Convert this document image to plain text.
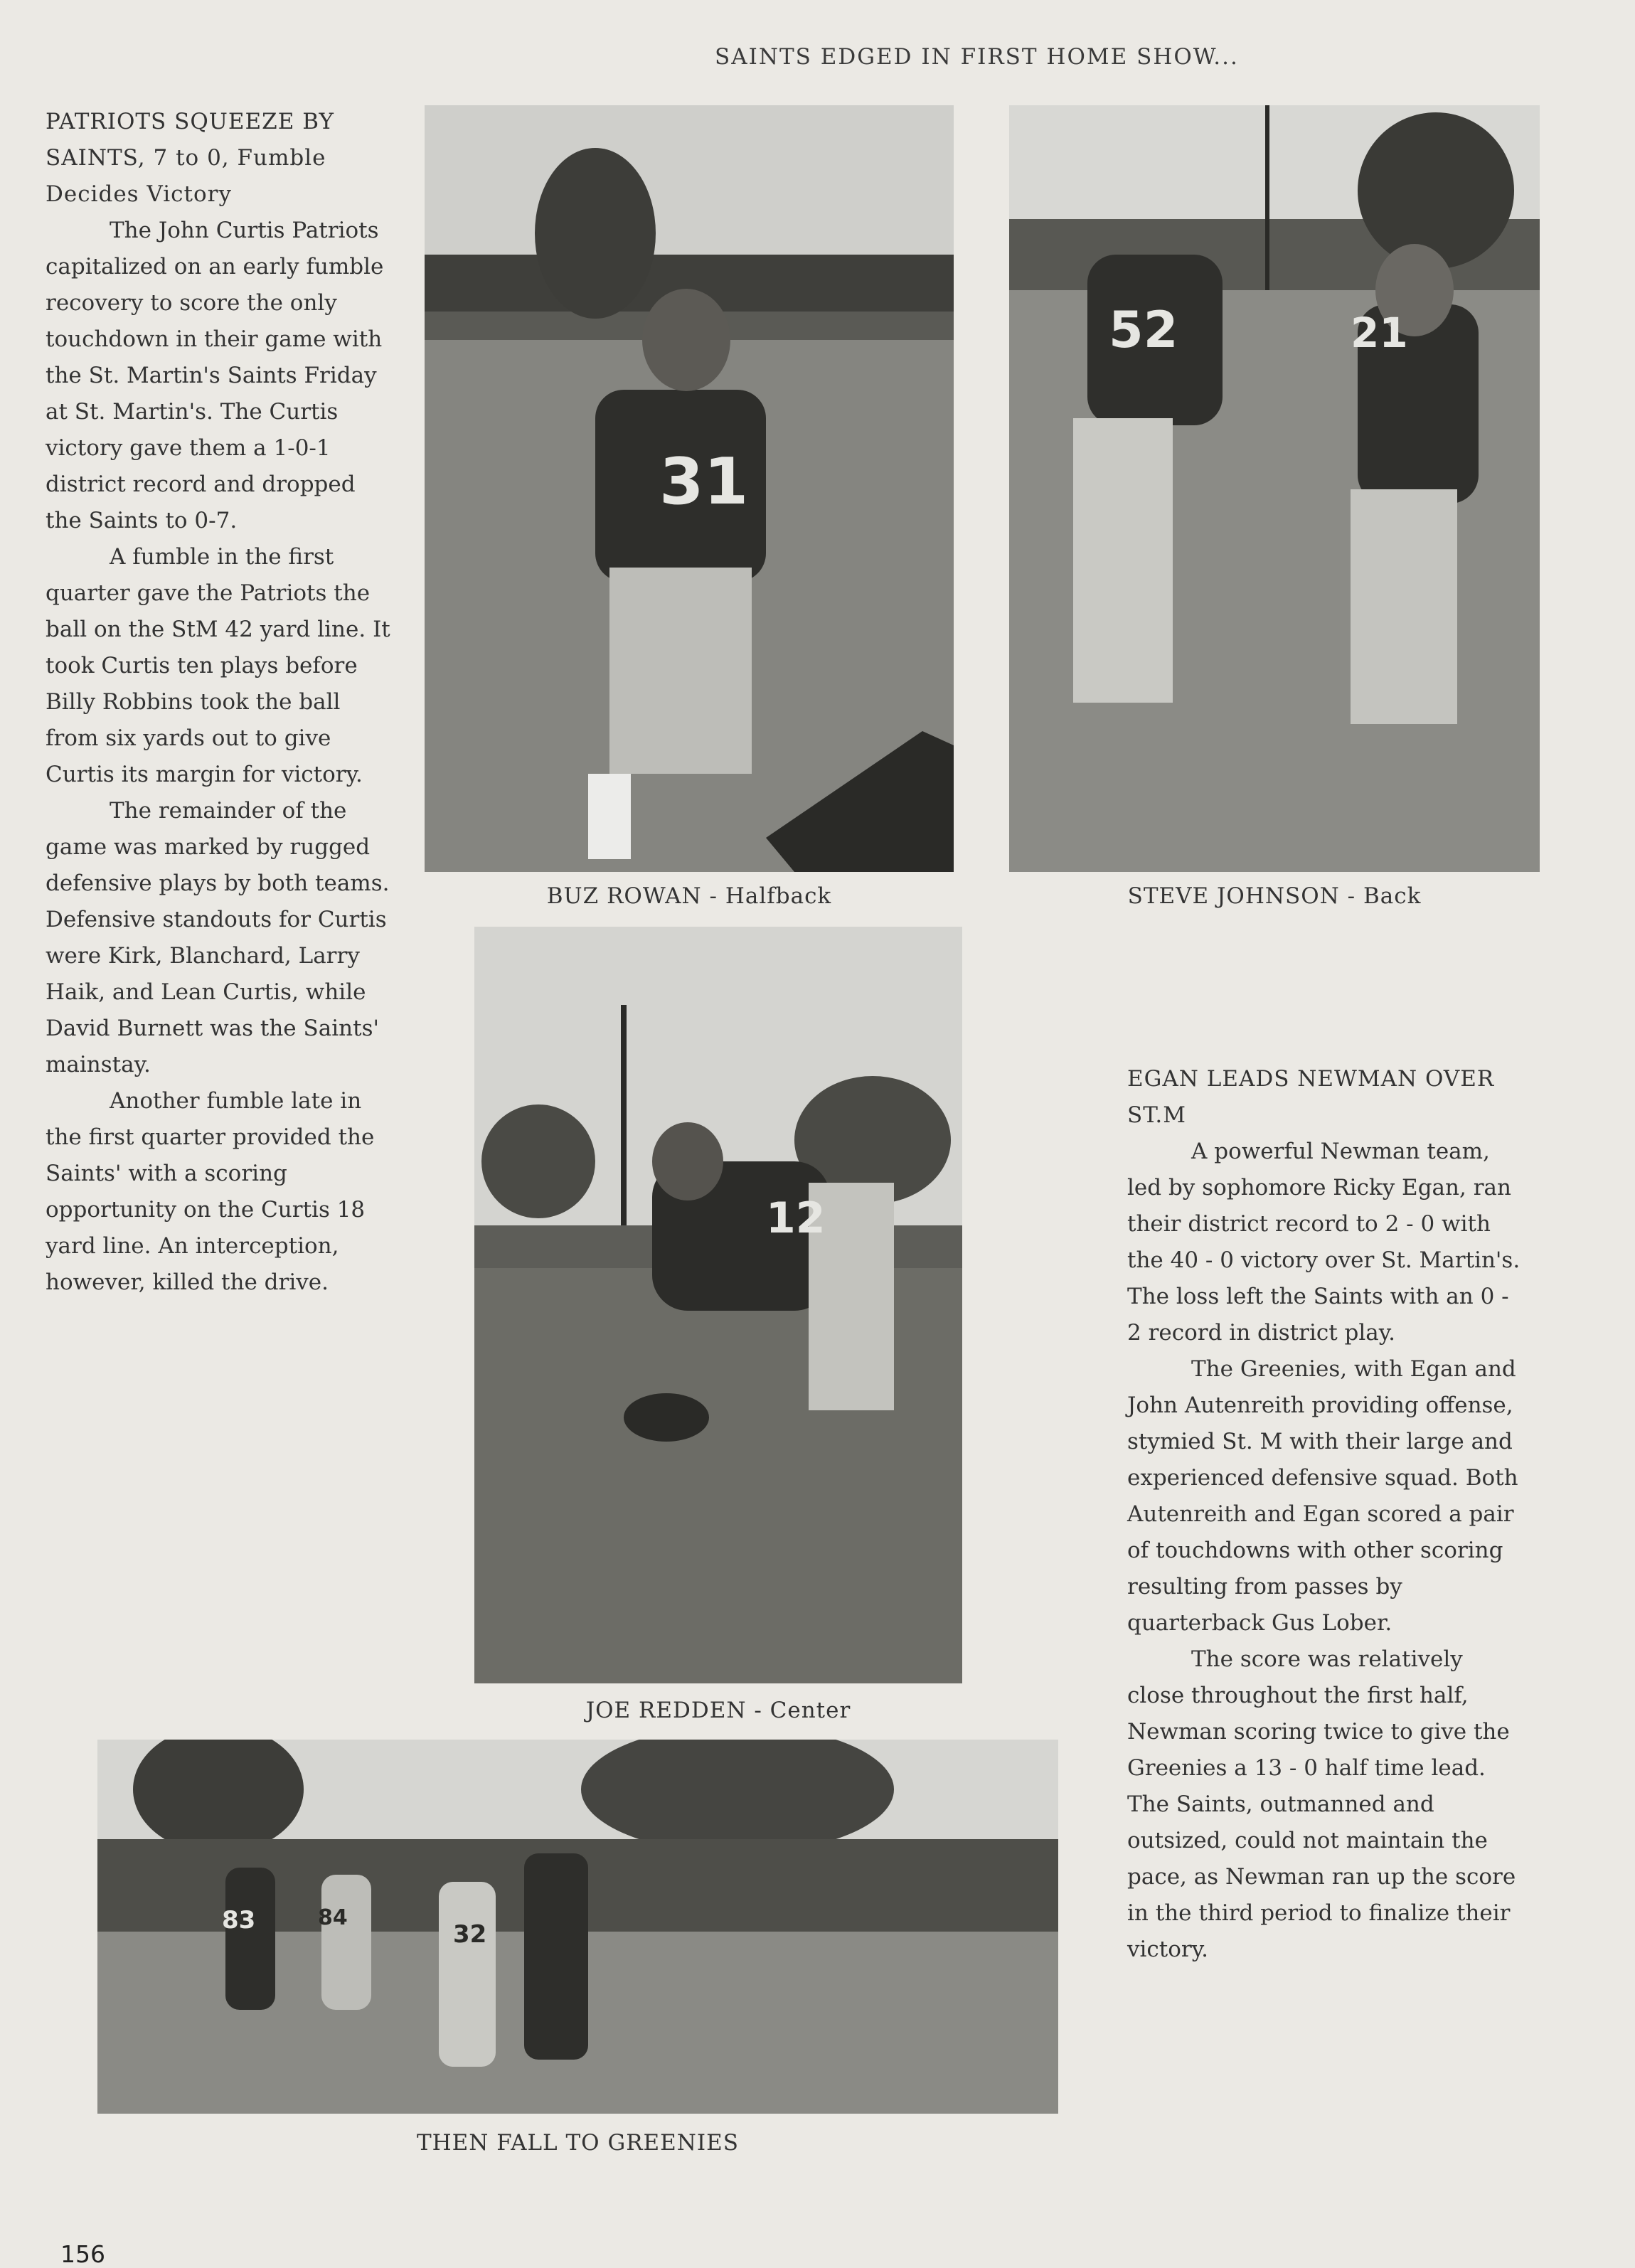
SAINTS EDGED IN FIRST HOME SHOW...

PATRIOTS SQUEEZE BY

SAINTS, 7 to 0, Fumble

Decides Victory

The John Curtis Patriots capitalized on an early fumble recovery to score the only touchdown in their game with the St. Martin's Saints Friday at St. Martin's. The Curtis victory gave them a 1-0-1 district record and dropped the Saints to 0-7.

A fumble in the first quarter gave the Patriots the ball on the StM 42 yard line. It took Curtis ten plays before Billy Robbins took the ball from six yards out to give Curtis its margin for victory.

The remainder of the game was marked by rugged defensive plays by both teams. Defensive standouts for Curtis were Kirk, Blanchard, Larry Haik, and Lean Curtis, while David Burnett was the Saints' mainstay.

Another fumble late in the first quarter provided the Saints' with a scoring opportunity on the Curtis 18 yard line. An interception, however, killed the drive.

31
52	21
BUZ ROWAN - Halfback	STEVE JOHNSON - Back
12
JOE REDDEN - Center
83	32
84
THEN FALL TO GREENIES

EGAN LEADS NEWMAN OVER

ST.M

A powerful Newman team, led by sophomore Ricky Egan, ran their district record to 2 - 0 with the 40 - 0 victory over St. Martin's. The loss left the Saints with an 0 - 2 record in district play.

The Greenies, with Egan and John Autenreith providing offense, stymied St. M with their large and experienced defensive squad. Both Autenreith and Egan scored a pair of touchdowns with other scoring resulting from passes by quarterback Gus Lober.

The score was relatively close throughout the first half, Newman scoring twice to give the Greenies a 13 - 0 half time lead. The Saints, outmanned and outsized, could not maintain the pace, as Newman ran up the score in the third period to finalize their victory.

156
